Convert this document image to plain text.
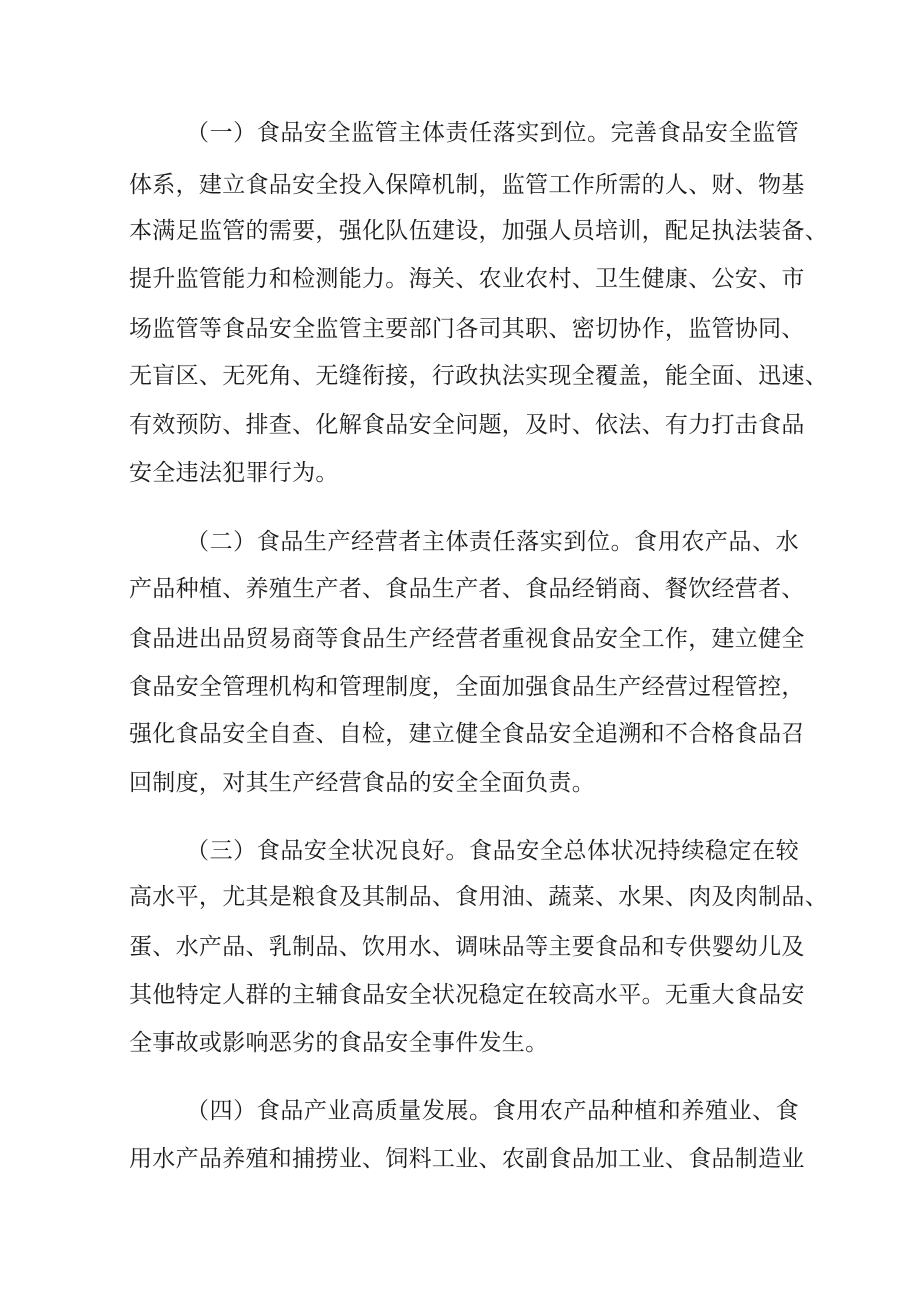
（一）食品安全监管主体责任落实到位。完善食品安全监管
体系，建立食品安全投入保障机制，监管工作所需的人、财、物基
本满足监管的需要，强化队伍建设，加强人员培训，配足执法装备、
提升监管能力和检测能力。海关、农业农村、卫生健康、公安、市
场监管等食品安全监管主要部门各司其职、密切协作，监管协同、
无盲区、无死角、无缝衔接，行政执法实现全覆盖，能全面、迅速、
有效预防、排查、化解食品安全问题，及时、依法、有力打击食品
安全违法犯罪行为。
（二）食品生产经营者主体责任落实到位。食用农产品、水
产品种植、养殖生产者、食品生产者、食品经销商、餐饮经营者、
食品进出品贸易商等食品生产经营者重视食品安全工作，建立健全
食品安全管理机构和管理制度，全面加强食品生产经营过程管控，
强化食品安全自查、自检，建立健全食品安全追溯和不合格食品召
回制度，对其生产经营食品的安全全面负责。
（三）食品安全状况良好。食品安全总体状况持续稳定在较
高水平，尤其是粮食及其制品、食用油、蔬菜、水果、肉及肉制品、
蛋、水产品、乳制品、饮用水、调味品等主要食品和专供婴幼儿及
其他特定人群的主辅食品安全状况稳定在较高水平。无重大食品安
全事故或影响恶劣的食品安全事件发生。
（四）食品产业高质量发展。食用农产品种植和养殖业、食
用水产品养殖和捕捞业、饲料工业、农副食品加工业、食品制造业
